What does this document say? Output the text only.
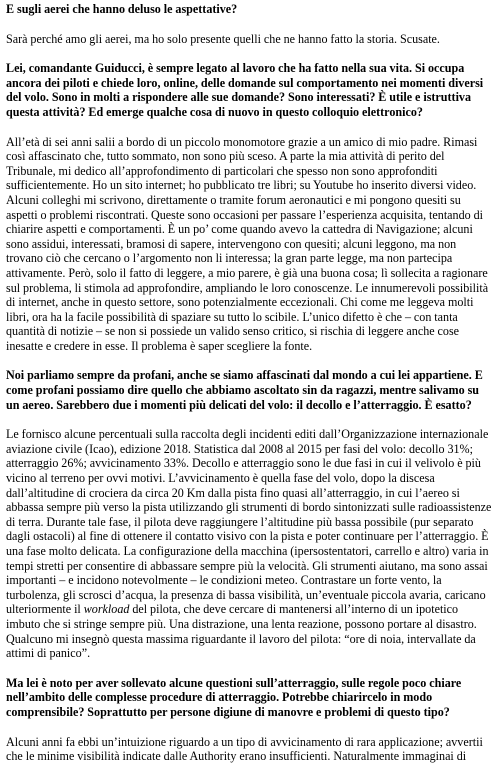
E sugli aerei che hanno deluso le aspettative?

Sarà perché amo gli aerei, ma ho solo presente quelli che ne hanno fatto la storia. Scusate.

Lei, comandante Guiducci, è sempre legato al lavoro che ha fatto nella sua vita. Si occupa ancora dei piloti e chiede loro, online, delle domande sul comportamento nei momenti diversi del volo. Sono in molti a rispondere alle sue domande? Sono interessati? È utile e istruttiva questa attività? Ed emerge qualche cosa di nuovo in questo colloquio elettronico?

All’età di sei anni salii a bordo di un piccolo monomotore grazie a un amico di mio padre. Rimasi così affascinato che, tutto sommato, non sono più sceso. A parte la mia attività di perito del Tribunale, mi dedico all’approfondimento di particolari che spesso non sono approfonditi sufficientemente. Ho un sito internet; ho pubblicato tre libri; su Youtube ho inserito diversi video. Alcuni colleghi mi scrivono, direttamente o tramite forum aeronautici e mi pongono quesiti su aspetti o problemi riscontrati. Queste sono occasioni per passare l’esperienza acquisita, tentando di chiarire aspetti e comportamenti. È un po’ come quando avevo la cattedra di Navigazione; alcuni sono assidui, interessati, bramosi di sapere, intervengono con quesiti; alcuni leggono, ma non trovano ciò che cercano o l’argomento non li interessa; la gran parte legge, ma non partecipa attivamente. Però, solo il fatto di leggere, a mio parere, è già una buona cosa; lì sollecita a ragionare sul problema, li stimola ad approfondire, ampliando le loro conoscenze. Le innumerevoli possibilità di internet, anche in questo settore, sono potenzialmente eccezionali. Chi come me leggeva molti libri, ora ha la facile possibilità di spaziare su tutto lo scibile. L’unico difetto è che – con tanta quantità di notizie – se non si possiede un valido senso critico, si rischia di leggere anche cose inesatte e credere in esse. Il problema è saper scegliere la fonte.

Noi parliamo sempre da profani, anche se siamo affascinati dal mondo a cui lei appartiene. E come profani possiamo dire quello che abbiamo ascoltato sin da ragazzi, mentre salivamo su un aereo. Sarebbero due i momenti più delicati del volo: il decollo e l’atterraggio. È esatto?

Le fornisco alcune percentuali sulla raccolta degli incidenti editi dall’Organizzazione internazionale aviazione civile (Icao), edizione 2018. Statistica dal 2008 al 2015 per fasi del volo: decollo 31%; atterraggio 26%; avvicinamento 33%. Decollo e atterraggio sono le due fasi in cui il velivolo è più vicino al terreno per ovvi motivi. L’avvicinamento è quella fase del volo, dopo la discesa dall’altitudine di crociera da circa 20 Km dalla pista fino quasi all’atterraggio, in cui l’aereo si abbassa sempre più verso la pista utilizzando gli strumenti di bordo sintonizzati sulle radioassistenze di terra. Durante tale fase, il pilota deve raggiungere l’altitudine più bassa possibile (pur separato dagli ostacoli) al fine di ottenere il contatto visivo con la pista e poter continuare per l’atterraggio. È una fase molto delicata. La configurazione della macchina (ipersostentatori, carrello e altro) varia in tempi stretti per consentire di abbassare sempre più la velocità. Gli strumenti aiutano, ma sono assai importanti – e incidono notevolmente – le condizioni meteo. Contrastare un forte vento, la turbolenza, gli scrosci d’acqua, la presenza di bassa visibilità, un’eventuale piccola avaria, caricano ulteriormente il workload del pilota, che deve cercare di mantenersi all’interno di un ipotetico imbuto che si stringe sempre più. Una distrazione, una lenta reazione, possono portare al disastro. Qualcuno mi insegnò questa massima riguardante il lavoro del pilota: “ore di noia, intervallate da attimi di panico”.

Ma lei è noto per aver sollevato alcune questioni sull’atterraggio, sulle regole poco chiare nell’ambito delle complesse procedure di atterraggio. Potrebbe chiarircelo in modo comprensibile? Soprattutto per persone digiune di manovre e problemi di questo tipo?

Alcuni anni fa ebbi un’intuizione riguardo a un tipo di avvicinamento di rara applicazione; avvertii che le minime visibilità indicate dalle Authority erano insufficienti. Naturalmente immaginai di
